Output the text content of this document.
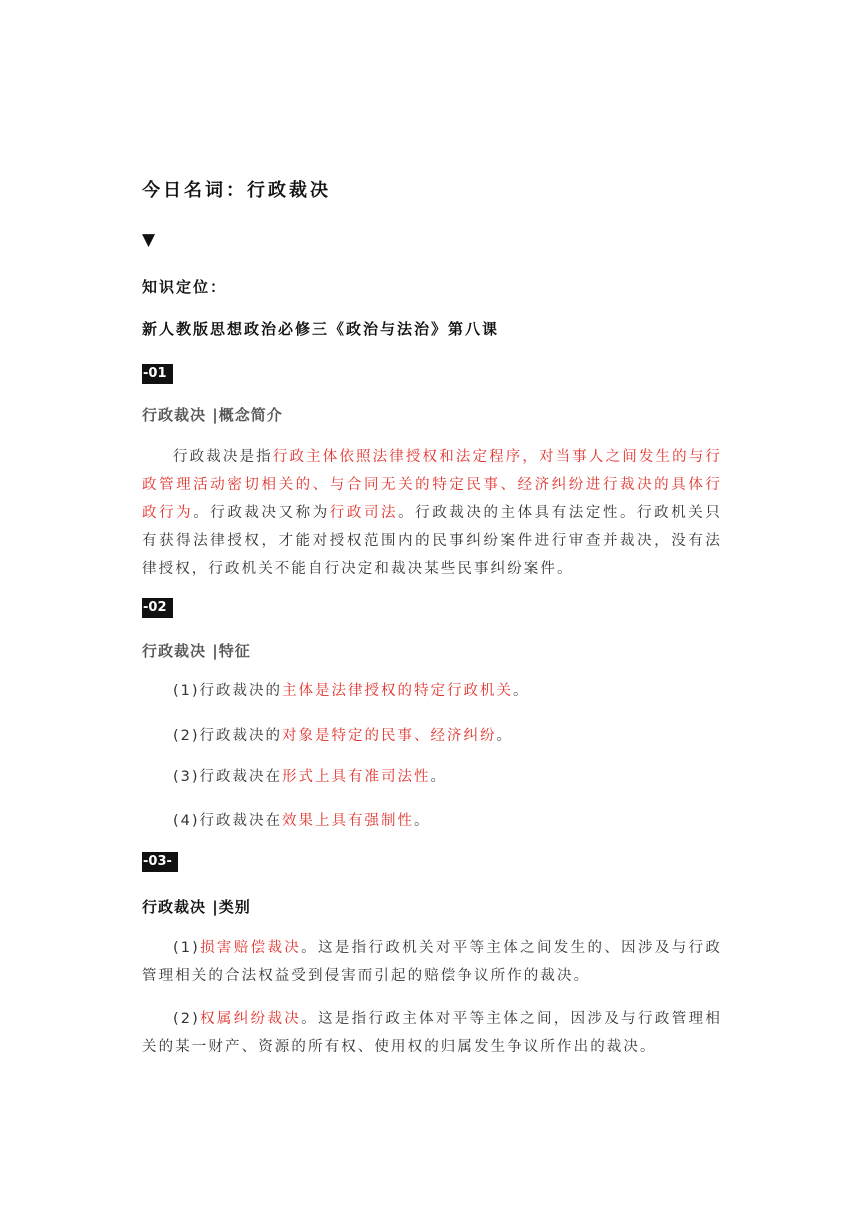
今日名词：行政裁决
▼
知识定位：
新人教版思想政治必修三《政治与法治》第八课
-01
行政裁决 |概念简介
行政裁决是指行政主体依照法律授权和法定程序，对当事人之间发生的与行政管理活动密切相关的、与合同无关的特定民事、经济纠纷进行裁决的具体行政行为。行政裁决又称为行政司法。行政裁决的主体具有法定性。行政机关只有获得法律授权，才能对授权范围内的民事纠纷案件进行审查并裁决，没有法律授权，行政机关不能自行决定和裁决某些民事纠纷案件。
-02
行政裁决 |特征
(1)行政裁决的主体是法律授权的特定行政机关。
(2)行政裁决的对象是特定的民事、经济纠纷。
(3)行政裁决在形式上具有准司法性。
(4)行政裁决在效果上具有强制性。
-03-
行政裁决 |类别
(1)损害赔偿裁决。这是指行政机关对平等主体之间发生的、因涉及与行政管理相关的合法权益受到侵害而引起的赔偿争议所作的裁决。
(2)权属纠纷裁决。这是指行政主体对平等主体之间，因涉及与行政管理相关的某一财产、资源的所有权、使用权的归属发生争议所作出的裁决。
